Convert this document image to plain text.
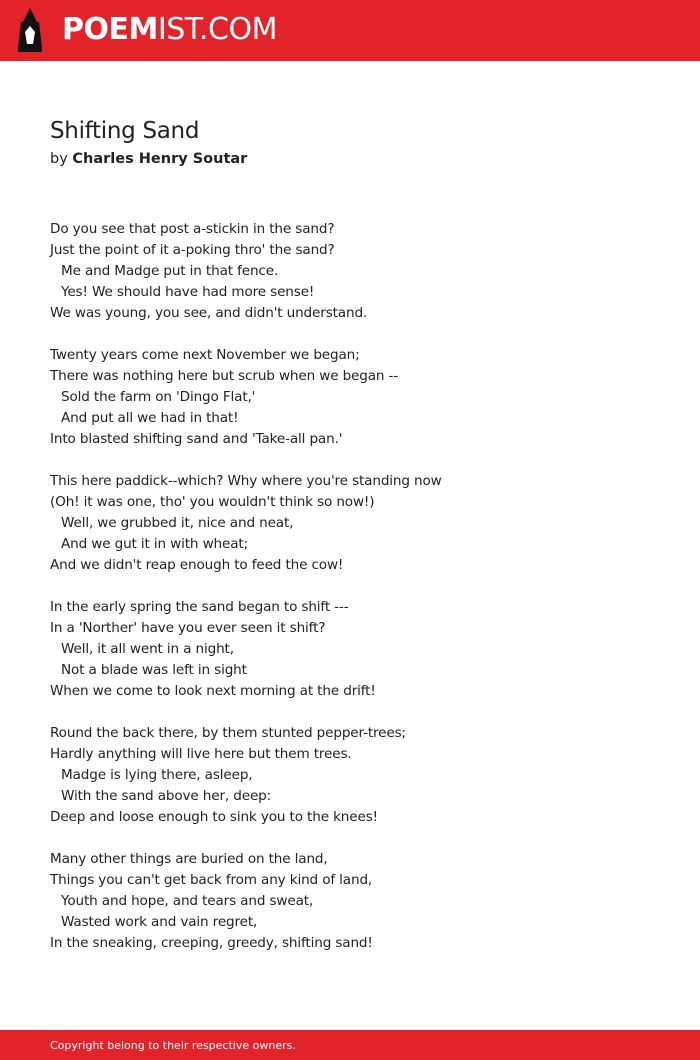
POEMIST.COM
Shifting Sand
by Charles Henry Soutar
Do you see that post a-stickin in the sand?
Just the point of it a-poking thro' the sand?
Me and Madge put in that fence.
Yes! We should have had more sense!
We was young, you see, and didn't understand.
Twenty years come next November we began;
There was nothing here but scrub when we began --
Sold the farm on 'Dingo Flat,'
And put all we had in that!
Into blasted shifting sand and 'Take-all pan.'
This here paddick--which? Why where you're standing now
(Oh! it was one, tho' you wouldn't think so now!)
Well, we grubbed it, nice and neat,
And we gut it in with wheat;
And we didn't reap enough to feed the cow!
In the early spring the sand began to shift ---
In a 'Norther' have you ever seen it shift?
Well, it all went in a night,
Not a blade was left in sight
When we come to look next morning at the drift!
Round the back there, by them stunted pepper-trees;
Hardly anything will live here but them trees.
Madge is lying there, asleep,
With the sand above her, deep:
Deep and loose enough to sink you to the knees!
Many other things are buried on the land,
Things you can't get back from any kind of land,
Youth and hope, and tears and sweat,
Wasted work and vain regret,
In the sneaking, creeping, greedy, shifting sand!
Copyright belong to their respective owners.
